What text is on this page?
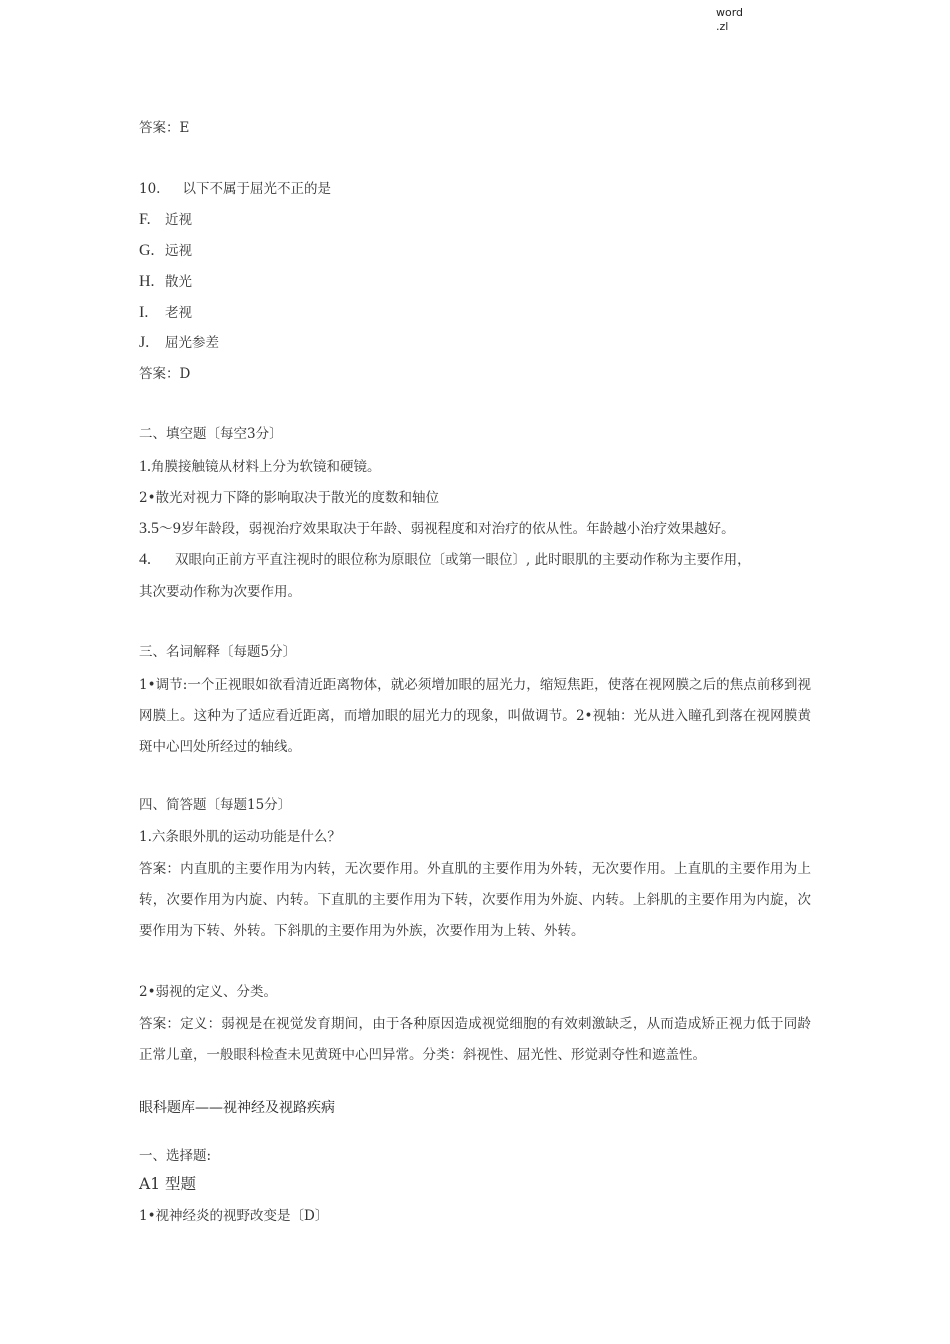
word
.zl
答案：E
10. 以下不属于屈光不正的是
F. 近视
G. 远视
H. 散光
I. 老视
J. 屈光参差
答案：D
二、填空题〔每空3分〕
1.角膜接触镜从材料上分为软镜和硬镜。
2•散光对视力下降的影响取决于散光的度数和轴位
3.5〜9岁年龄段，弱视治疗效果取决于年龄、弱视程度和对治疗的依从性。年龄越小治疗效果越好。
4. 双眼向正前方平直注视时的眼位称为原眼位〔或第一眼位〕, 此时眼肌的主要动作称为主要作用，
其次要动作称为次要作用。
三、名词解释〔每题5分〕
1•调节:一个正视眼如欲看清近距离物体，就必须增加眼的屈光力，缩短焦距，使落在视网膜之后的焦点前移到视网膜上。这种为了适应看近距离，而增加眼的屈光力的现象，叫做调节。2•视轴：光从进入瞳孔到落在视网膜黄斑中心凹处所经过的轴线。
四、简答题〔每题15分〕
1.六条眼外肌的运动功能是什么？
答案：内直肌的主要作用为内转，无次要作用。外直肌的主要作用为外转，无次要作用。上直肌的主要作用为上转，次要作用为内旋、内转。下直肌的主要作用为下转，次要作用为外旋、内转。上斜肌的主要作用为内旋，次要作用为下转、外转。下斜肌的主要作用为外族，次要作用为上转、外转。
2•弱视的定义、分类。
答案：定义：弱视是在视觉发育期间，由于各种原因造成视觉细胞的有效刺激缺乏，从而造成矫正视力低于同龄正常儿童，一般眼科检查未见黄斑中心凹异常。分类：斜视性、屈光性、形觉剥夺性和遮盖性。
眼科题库——视神经及视路疾病
一、选择题:
A1 型题
1•视神经炎的视野改变是〔D〕
